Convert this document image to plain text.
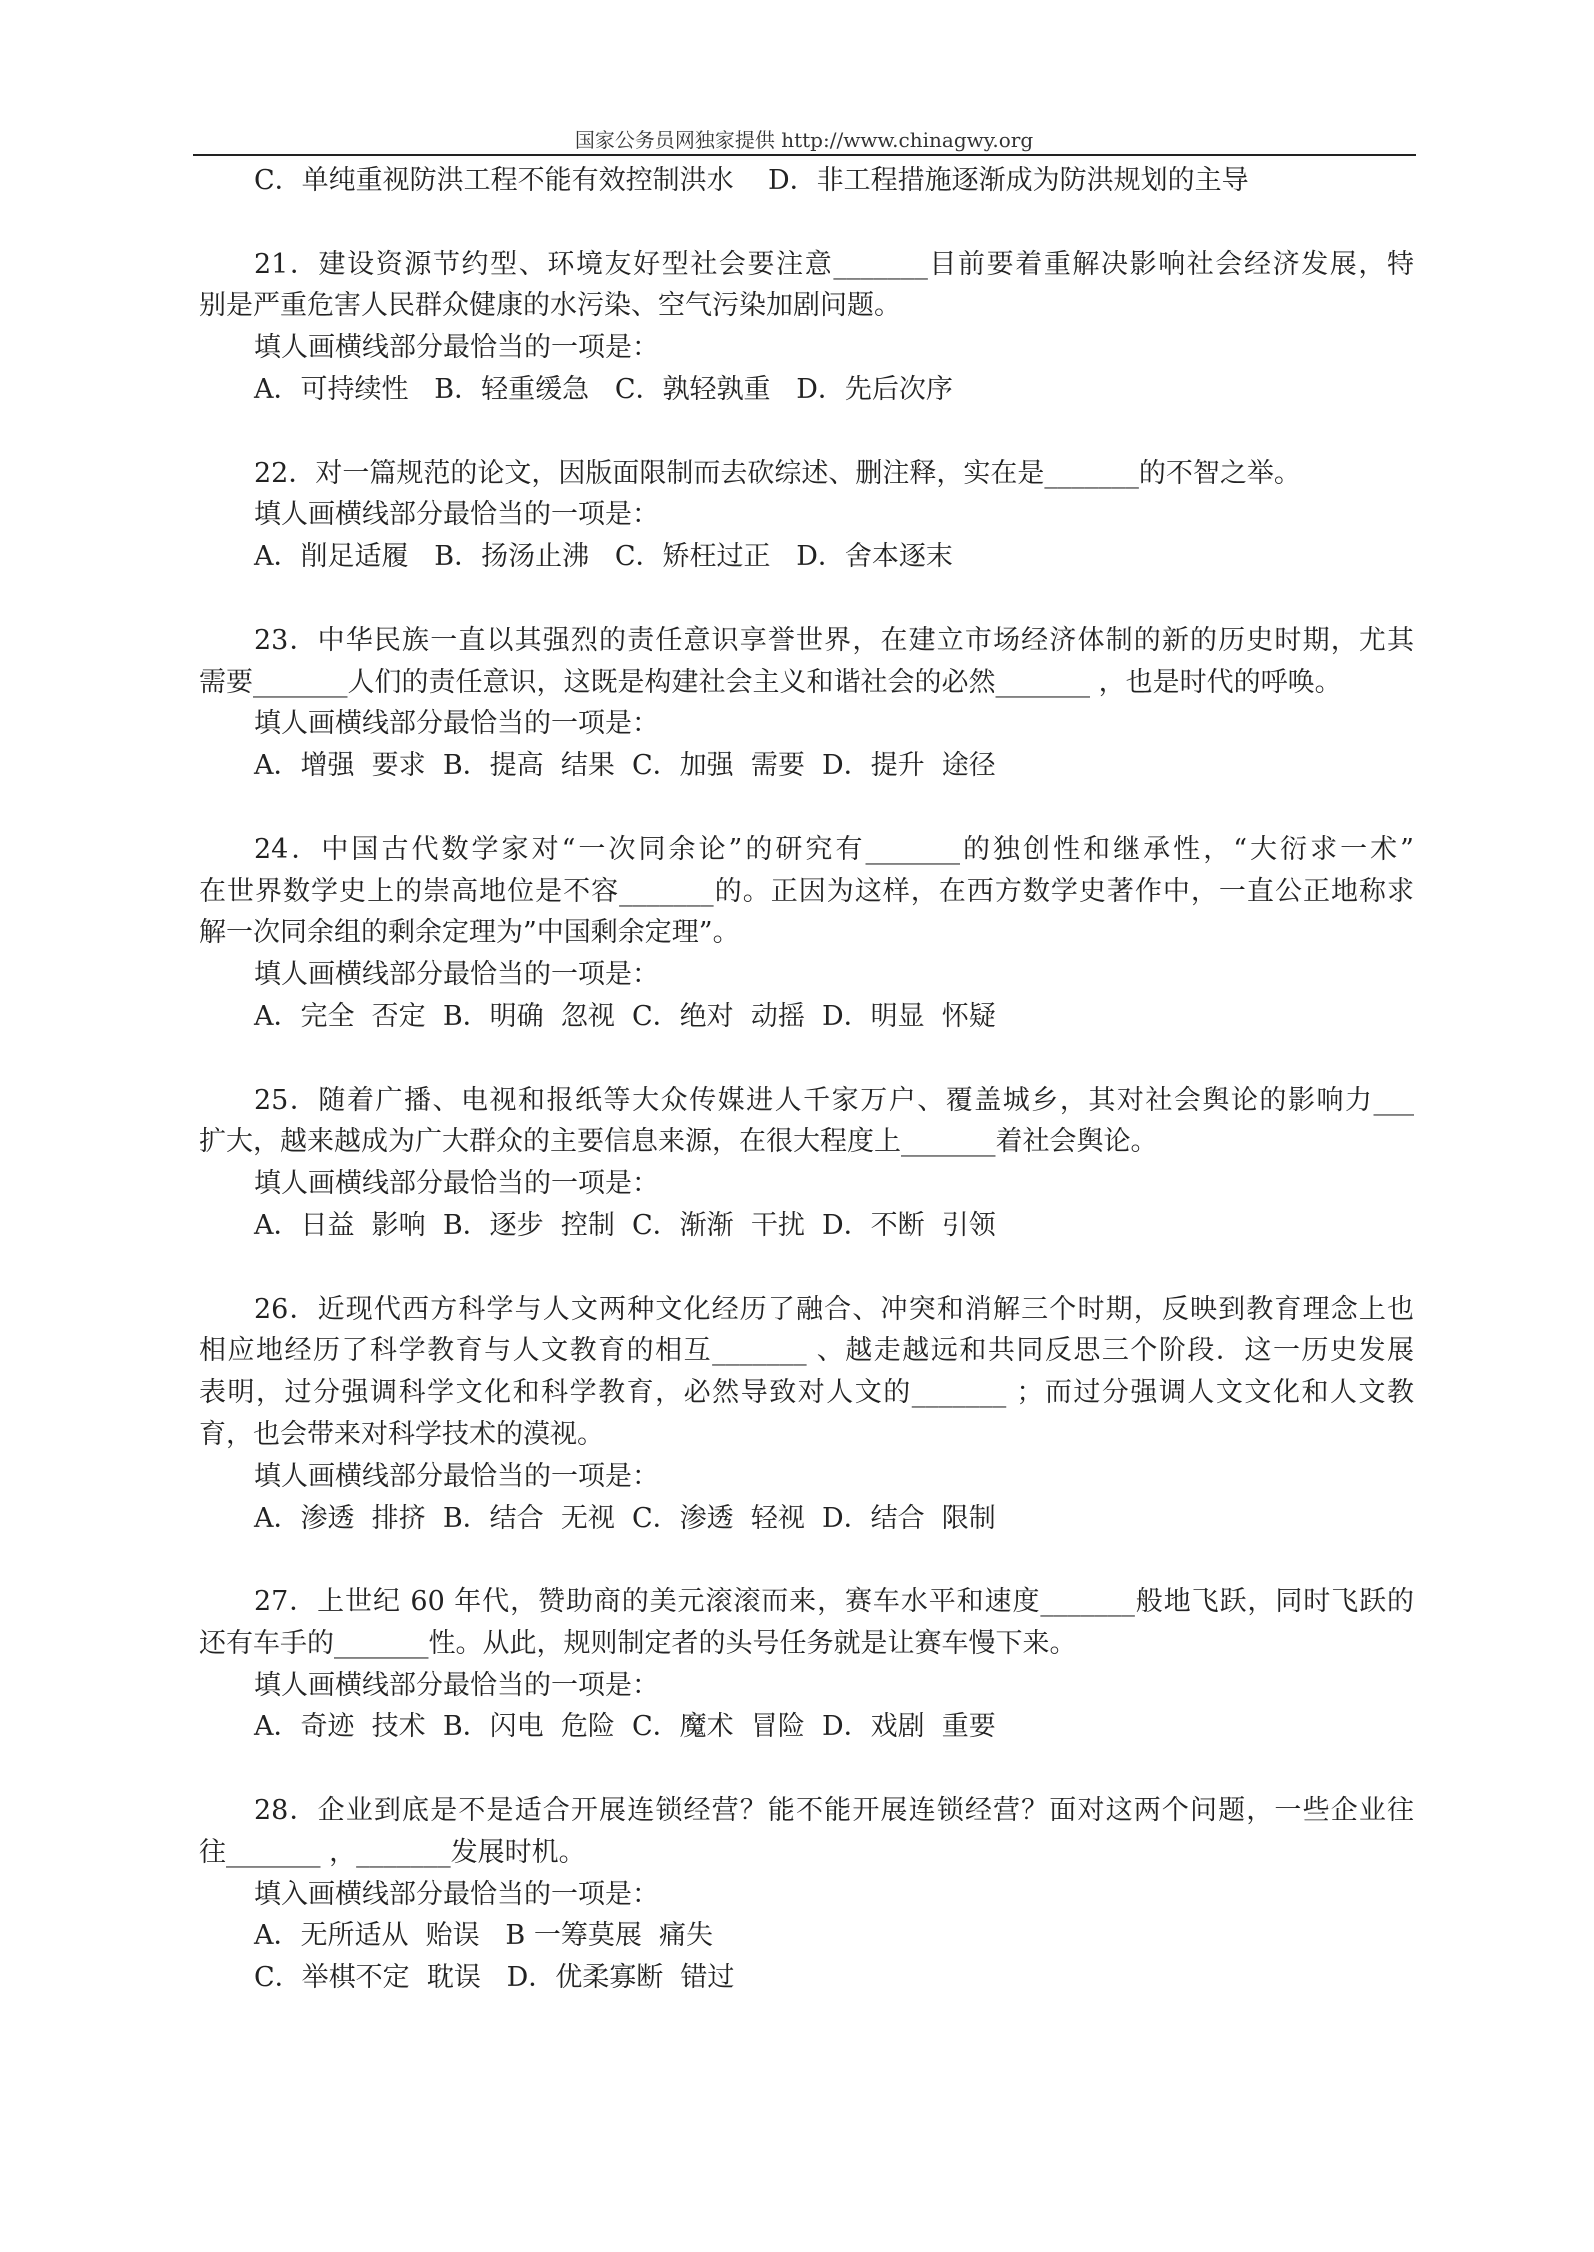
国家公务员网独家提供 http://www.chinagwy.org
C．单纯重视防洪工程不能有效控制洪水    D．非工程措施逐渐成为防洪规划的主导
21．建设资源节约型、环境友好型社会要注意_______目前要着重解决影响社会经济发展，特
别是严重危害人民群众健康的水污染、空气污染加剧问题。
填人画横线部分最恰当的一项是：
A．可持续性   B．轻重缓急   C．孰轻孰重   D．先后次序
22．对一篇规范的论文，因版面限制而去砍综述、删注释，实在是_______的不智之举。
填人画横线部分最恰当的一项是：
A．削足适履   B．扬汤止沸   C．矫枉过正   D．舍本逐末
23．中华民族一直以其强烈的责任意识享誉世界，在建立市场经济体制的新的历史时期，尤其
需要_______人们的责任意识，这既是构建社会主义和谐社会的必然_______ ，也是时代的呼唤。
填人画横线部分最恰当的一项是：
A．增强  要求  B．提高  结果  C．加强  需要  D．提升  途径
24．中国古代数学家对“一次同余论”的研究有_______的独创性和继承性，“大衍求一术”
在世界数学史上的崇高地位是不容_______的。正因为这样，在西方数学史著作中，一直公正地称求
解一次同余组的剩余定理为”中国剩余定理”。
填人画横线部分最恰当的一项是：
A．完全  否定  B．明确  忽视  C．绝对  动摇  D．明显  怀疑
25．随着广播、电视和报纸等大众传媒进人千家万户、覆盖城乡，其对社会舆论的影响力___
扩大，越来越成为广大群众的主要信息来源，在很大程度上_______着社会舆论。
填人画横线部分最恰当的一项是：
A．日益  影响  B．逐步  控制  C．渐渐  干扰  D．不断  引领
26．近现代西方科学与人文两种文化经历了融合、冲突和消解三个时期，反映到教育理念上也
相应地经历了科学教育与人文教育的相互_______ 、越走越远和共同反思三个阶段．这一历史发展
表明，过分强调科学文化和科学教育，必然导致对人文的_______ ；而过分强调人文文化和人文教
育，也会带来对科学技术的漠视。
填人画横线部分最恰当的一项是：
A．渗透  排挤  B．结合  无视  C．渗透  轻视  D．结合  限制
27．上世纪 60 年代，赞助商的美元滚滚而来，赛车水平和速度_______般地飞跃，同时飞跃的
还有车手的_______性。从此，规则制定者的头号任务就是让赛车慢下来。
填人画横线部分最恰当的一项是：
A．奇迹  技术  B．闪电  危险  C．魔术  冒险  D．戏剧  重要
28．企业到底是不是适合开展连锁经营？能不能开展连锁经营？面对这两个问题，一些企业往
往_______ ，_______发展时机。
填入画横线部分最恰当的一项是：
A．无所适从  贻误   B 一筹莫展  痛失
C．举棋不定  耽误   D．优柔寡断  错过
